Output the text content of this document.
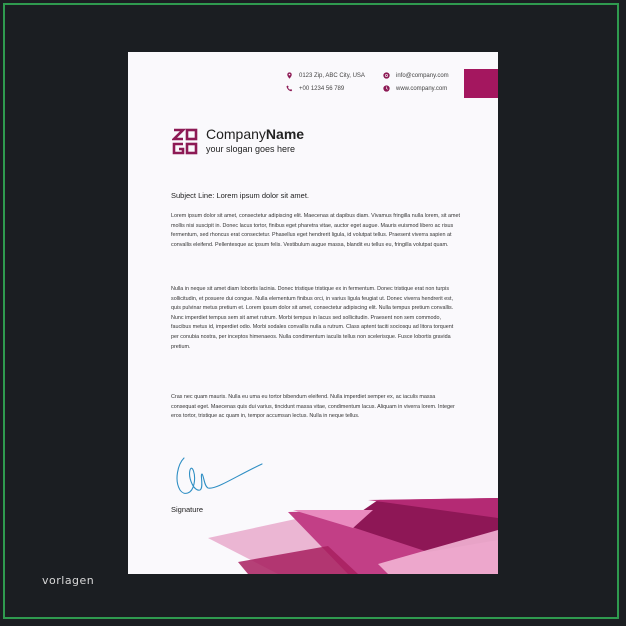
vorlagen
0123 Zip, ABC City, USA
+00 1234 56 789
info@company.com
www.company.com
CompanyName
your slogan goes here
Subject Line: Lorem ipsum dolor sit amet.
Lorem ipsum dolor sit amet, consectetur adipiscing elit. Maecenas at dapibus diam. Vivamus fringilla nulla lorem, sit amet mollis nisi suscipit in. Donec lacus tortor, finibus eget pharetra vitae, auctor eget augue. Mauris euismod libero ac risus fermentum, sed rhoncus erat consectetur. Phasellus eget hendrerit ligula, id volutpat tellus. Praesent viverra sapien at convallis eleifend. Pellentesque ac ipsum felis. Vestibulum augue massa, blandit eu tellus eu, fringilla volutpat quam.
Nulla in neque sit amet diam lobortis lacinia. Donec tristique tristique ex in fermentum. Donec tristique erat non turpis sollicitudin, et posuere dui congue. Nulla elementum finibus orci, in varius ligula feugiat ut. Donec viverra hendrerit est, quis pulvinar metus pretium et. Lorem ipsum dolor sit amet, consectetur adipiscing elit. Nulla tempus pretium convallis. Nunc imperdiet tempus sem sit amet rutrum. Morbi tempus in lacus sed sollicitudin. Praesent non sem commodo, faucibus metus id, imperdiet odio. Morbi sodales convallis nulla a rutrum. Class aptent taciti sociosqu ad litora torquent per conubia nostra, per inceptos himenaeos. Nulla condimentum iaculis tellus non scelerisque. Fusce lobortis gravida pretium.
Cras nec quam mauris. Nulla eu uma eu tortor bibendum eleifend. Nulla imperdiet semper ex, ac iaculis massa consequat eget. Maecenas quis dui varius, tincidunt massa vitae, condimentum lacus. Aliquam in viverra lorem. Integer eros tortor, tristique ac quam in, tempor accumsan lectus. Nulla in neque tellus.
Signature
